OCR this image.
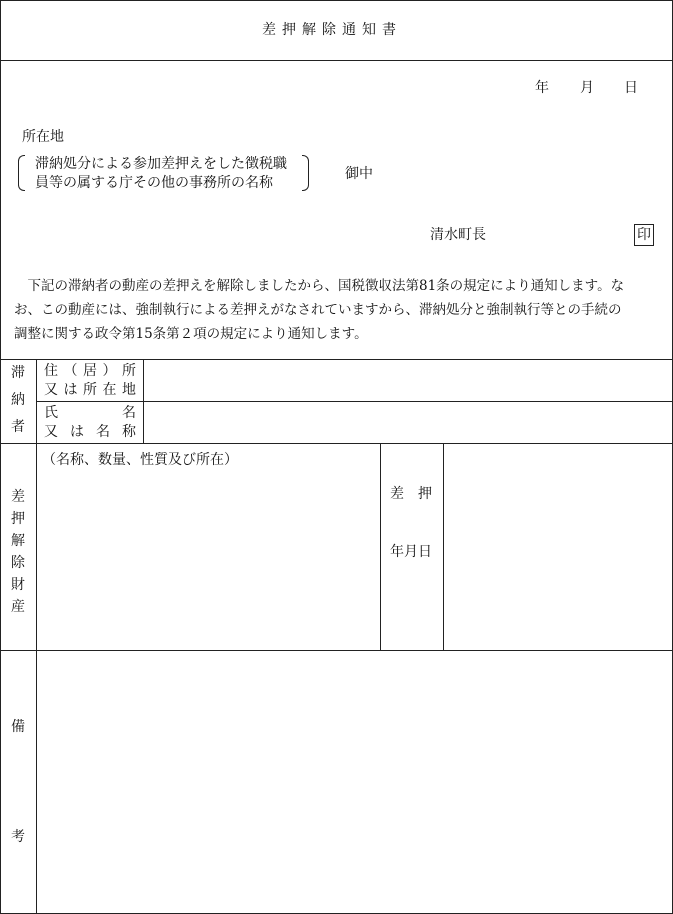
差押解除通知書
年 月 日
所在地
滞納処分による参加差押えをした徴税職
員等の属する庁その他の事務所の名称
御中
清水町長	印
　下記の滞納者の動産の差押えを解除しましたから、国税徴収法第81条の規定により通知します。な
お、この動産には、強制執行による差押えがなされていますから、滞納処分と強制執行等との手続の
調整に関する政令第15条第２項の規定により通知します。
滞
納
者
住 （ 居 ） 所
又 は 所 在 地
氏	名
又 は 名 称
差
押
解
除
財
産
（名称、数量、性質及び所在）
差　押
年月日
備
考
